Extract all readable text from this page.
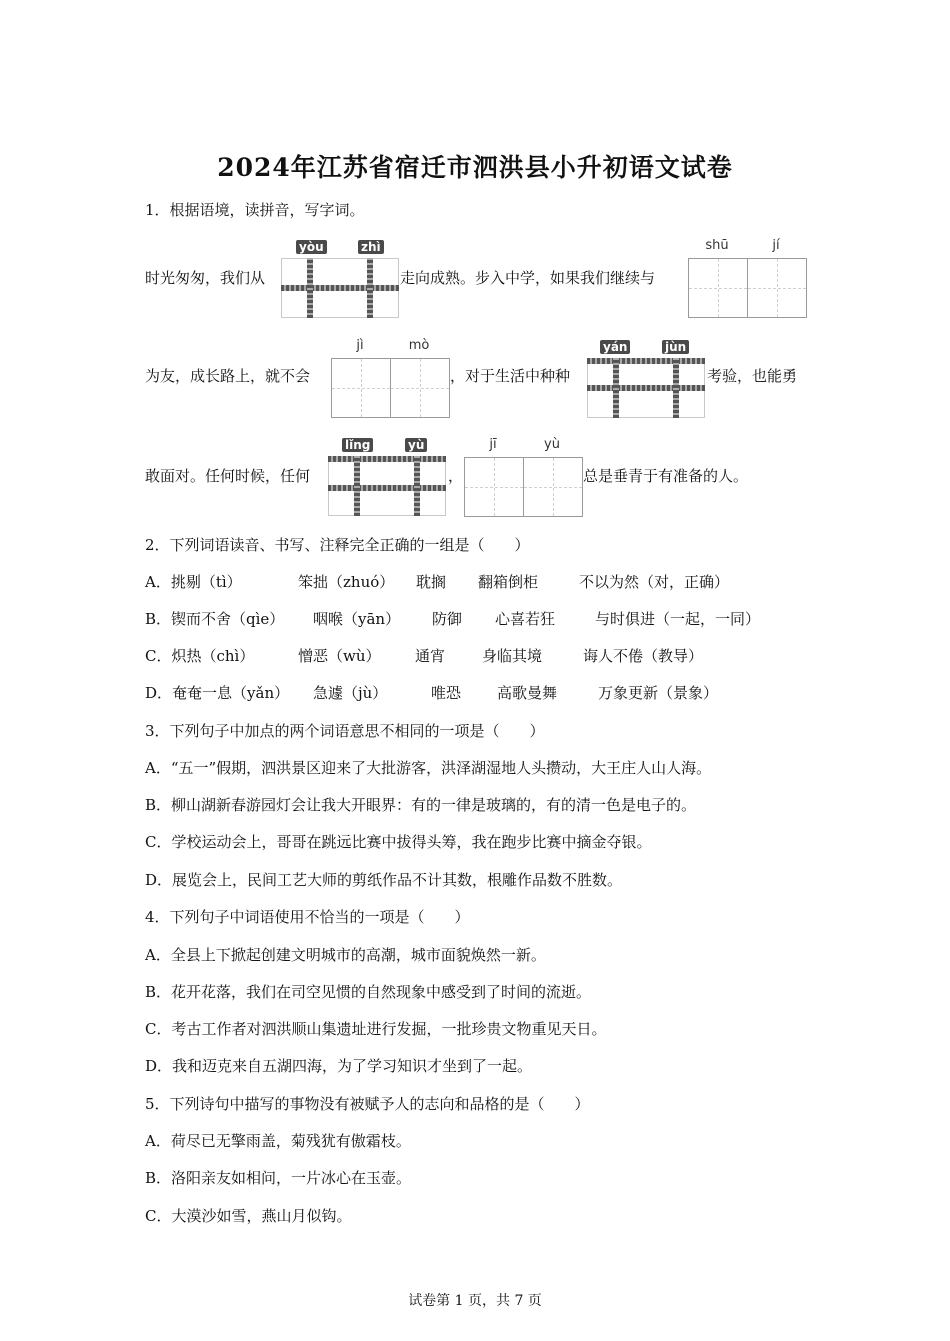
2024年江苏省宿迁市泗洪县小升初语文试卷
1．根据语境，读拼音，写字词。
时光匆匆，我们从
yòu	zhì
走向成熟。步入中学，如果我们继续与
shū	jí
为友，成长路上，就不会
jì	mò
，对于生活中种种
yán	jùn
考验，也能勇
敢面对。任何时候，任何
lǐng	yù
，
jī	yù
总是垂青于有准备的人。
2．下列词语读音、书写、注释完全正确的一组是（　　）
A．挑剔（tì）	笨拙（zhuó） 耽搁 翻箱倒柜	不以为然（对，正确）
B．锲而不舍（qìe） 咽喉（yān） 防御 心喜若狂	与时俱进（一起，一同）
C．炽热（chì）	憎恶（wù） 通宵 身临其境	诲人不倦（教导）
D．奄奄一息（yǎn） 急遽（jù）	唯恐 高歌曼舞	万象更新（景象）
3．下列句子中加点的两个词语意思不相同的一项是（　　）
A．“五一”假期，泗洪景区迎来了大批游客，洪泽湖湿地人头攒动，大王庄人山人海。
B．柳山湖新春游园灯会让我大开眼界：有的一律是玻璃的，有的清一色是电子的。
C．学校运动会上，哥哥在跳远比赛中拔得头筹，我在跑步比赛中摘金夺银。
D．展览会上，民间工艺大师的剪纸作品不计其数，根雕作品数不胜数。
4．下列句子中词语使用不恰当的一项是（　　）
A．全县上下掀起创建文明城市的高潮，城市面貌焕然一新。
B．花开花落，我们在司空见惯的自然现象中感受到了时间的流逝。
C．考古工作者对泗洪顺山集遗址进行发掘，一批珍贵文物重见天日。
D．我和迈克来自五湖四海，为了学习知识才坐到了一起。
5．下列诗句中描写的事物没有被赋予人的志向和品格的是（　　）
A．荷尽已无擎雨盖，菊残犹有傲霜枝。
B．洛阳亲友如相问，一片冰心在玉壶。
C．大漠沙如雪，燕山月似钩。
试卷第 1 页，共 7 页
